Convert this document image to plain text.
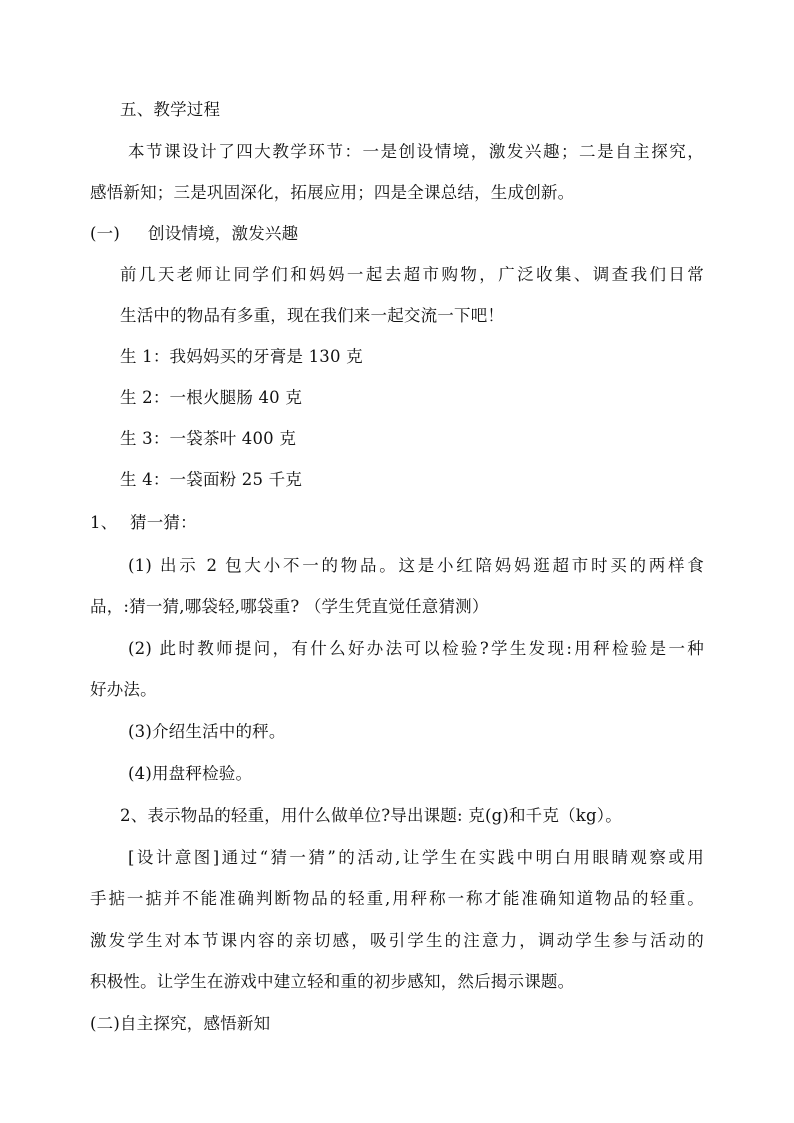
五、教学过程
本节课设计了四大教学环节：一是创设情境，激发兴趣；二是自主探究，
感悟新知；三是巩固深化，拓展应用；四是全课总结，生成创新。
(一) 创设情境，激发兴趣
前几天老师让同学们和妈妈一起去超市购物，广泛收集、调查我们日常
生活中的物品有多重，现在我们来一起交流一下吧！
生 1：我妈妈买的牙膏是 130 克
生 2：一根火腿肠 40 克
生 3：一袋茶叶 400 克
生 4：一袋面粉 25 千克
1、 猜一猜：
(1) 出示 2 包大小不一的物品。这是小红陪妈妈逛超市时买的两样食
品，:猜一猜,哪袋轻,哪袋重? （学生凭直觉任意猜测）
(2) 此时教师提问，有什么好办法可以检验?学生发现:用秤检验是一种
好办法。
(3)介绍生活中的秤。
(4)用盘秤检验。
2、表示物品的轻重，用什么做单位?导出课题: 克(g)和千克（kg）。
[设计意图]通过“猜一猜”的活动,让学生在实践中明白用眼睛观察或用
手掂一掂并不能准确判断物品的轻重,用秤称一称才能准确知道物品的轻重。
激发学生对本节课内容的亲切感，吸引学生的注意力，调动学生参与活动的
积极性。让学生在游戏中建立轻和重的初步感知，然后揭示课题。
(二)自主探究，感悟新知
